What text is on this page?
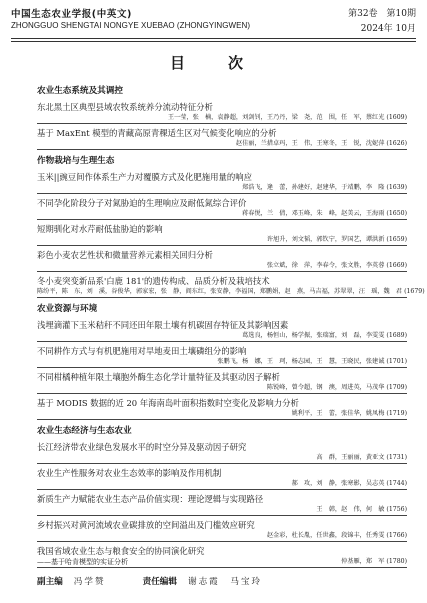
中国生态农业学报(中英文)
ZHONGGUO SHENGTAI NONGYE XUEBAO (ZHONGYINGWEN)
第32卷　第10期
2024年 10月
目　次
农业生态系统及其调控
东北黑土区典型县域农牧系统养分流动特征分析
王一莹，张　楠，袁静超，刘剑钊，王乃丹，梁　尧，范　围，任　军，蔡红光 (1609)
基于 MaxEnt 模型的青藏高原青稞适生区对气候变化响应的分析
赵佳丽，兰措卓玛，王　伟，王寒冬，王　锐，沈妮萍 (1626)
作物栽培与生理生态
玉米||豌豆间作体系生产力对覆膜方式及化肥施用量的响应
郑浩飞，逄　蕾，孙建好，赵建华，于靖鹏，李　隆 (1639)
不同孕化阶段分子对氮胁迫的生理响应及耐低氮综合评价
蒋春悦，兰　倩，邓玉峰，朱　峰，赵美云，王海雨 (1650)
短期驯化对水芹耐低盐胁迫的影响
许旭升，刘文韬，郭钦宁，罗国艺，谭洪新 (1659)
彩色小麦农艺性状和微量营养元素相关回归分析
张立斌，徐　萍，李春令，张文胜，李英蓉 (1669)
冬小麦突变新品系'白鹿 181'的遗传构成、品质分析及栽培技术
陈纷平，陈　东，刘　溪，谷俊华，郭家宏，张　静，阎东红，张安静，李福国，郑鹏娟，赵　燕，马吉福，苏翠翠，汪　瑶，魏　君 (1679)
农业资源与环境
浅埋滴灌下玉米秸秆不同还田年限土壤有机碳固存特征及其影响因素
葛选良，杨恒山，杨学振，张瑞富，刘　磊，李雯雯 (1689)
不同耕作方式与有机肥施用对旱地麦田土壤磷组分的影响
张鹏飞，杨　娜，王　珂，杨志园，王　慧，王晓民，张建诚 (1701)
不同柑橘种植年限土壤胞外酶生态化学计量特征及其驱动因子解析
陈锐峰，曾令超，钢　澳，周进英，马茂华 (1709)
基于 MODIS 数据的近 20 年海南岛叶面积指数时空变化及影响力分析
姚利平，王　蕾，张佳华，姚凤梅 (1719)
农业生态经济与生态农业
长江经济带农业绿色发展水平的时空分异及驱动因子研究
高　群，王丽丽，黄亚文 (1731)
农业生产性服务对农业生态效率的影响及作用机制
郝　攻，刘　静，张寒影，吴志英 (1744)
新质生产力赋能农业生态产品价值实现：理论逻辑与实现路径
王　韩，赵　伟，何　敏 (1756)
乡村振兴对黄河流域农业碳排放的空间溢出及门槛效应研究
赵金彩，杜长胤，任世鑫，段锦丰，任秀雯 (1766)
我国省域农业生态与粮食安全的协同演化研究
——基于哈肯模型的实证分析	仲基雁，郑　军 (1780)
副主编 冯学赞	责任编辑 谢志霞　马宝玲
